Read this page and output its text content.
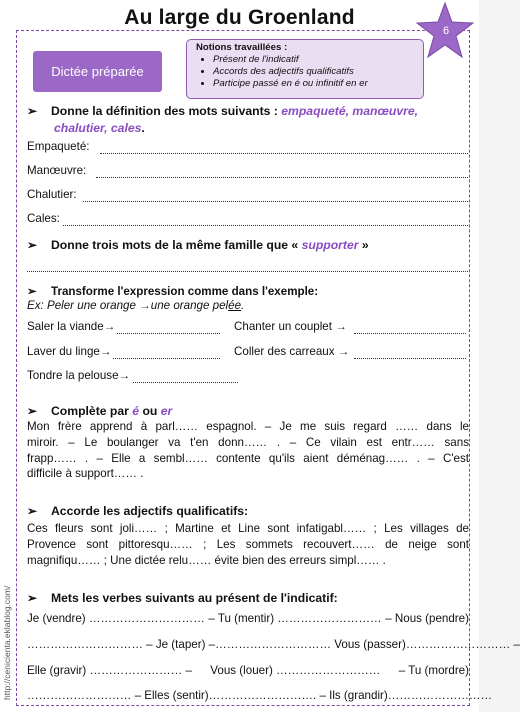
Au large du Groenland
6
Dictée préparée
Notions travaillées :
• Présent de l'indicatif
• Accords des adjectifs qualificatifs
• Participe passé en é ou infinitif en er
➢ Donne la définition des mots suivants : empaqueté, manœuvre,
chalutier, cales.
Empaqueté:
Manœuvre:
Chalutier:
Cales:
➢ Donne trois mots de la même famille que « supporter »
➢ Transforme l'expression comme dans l'exemple:
Ex: Peler une orange →une orange pelée.
Saler la viande→	Chanter un couplet →
Laver du linge→	Coller des carreaux →
Tondre la pelouse→
➢ Complète par é ou er
Mon frère apprend à parl…… espagnol. – Je me suis regard …… dans le
miroir. – Le boulanger va t'en donn…… . – Ce vilain est entr…… sans
frapp…… . – Elle a sembl…… contente qu'ils aient déménag…… . – C'est
difficile à support…… .
➢ Accorde les adjectifs qualificatifs:
Ces fleurs sont joli…… ; Martine et Line sont infatigabl…… ; Les villages de
Provence sont pittoresqu…… ; Les sommets recouvert…… de neige sont
magnifiqu…… ; Une dictée relu…… évite bien des erreurs simpl…… .
➢ Mets les verbes suivants au présent de l'indicatif:
Je (vendre) ………………………… – Tu (mentir) ……………………… – Nous (pendre)
………………………… – Je (taper) – ………………………… Vous (passer) ……………………… –
Elle (gravir) …………………… – Vous (louer) ……………………… – Tu (mordre)
……………………… – Elles (sentir) ………………………. – Ils (grandir) ………………………
http://cenicienta.eklablog.com/
